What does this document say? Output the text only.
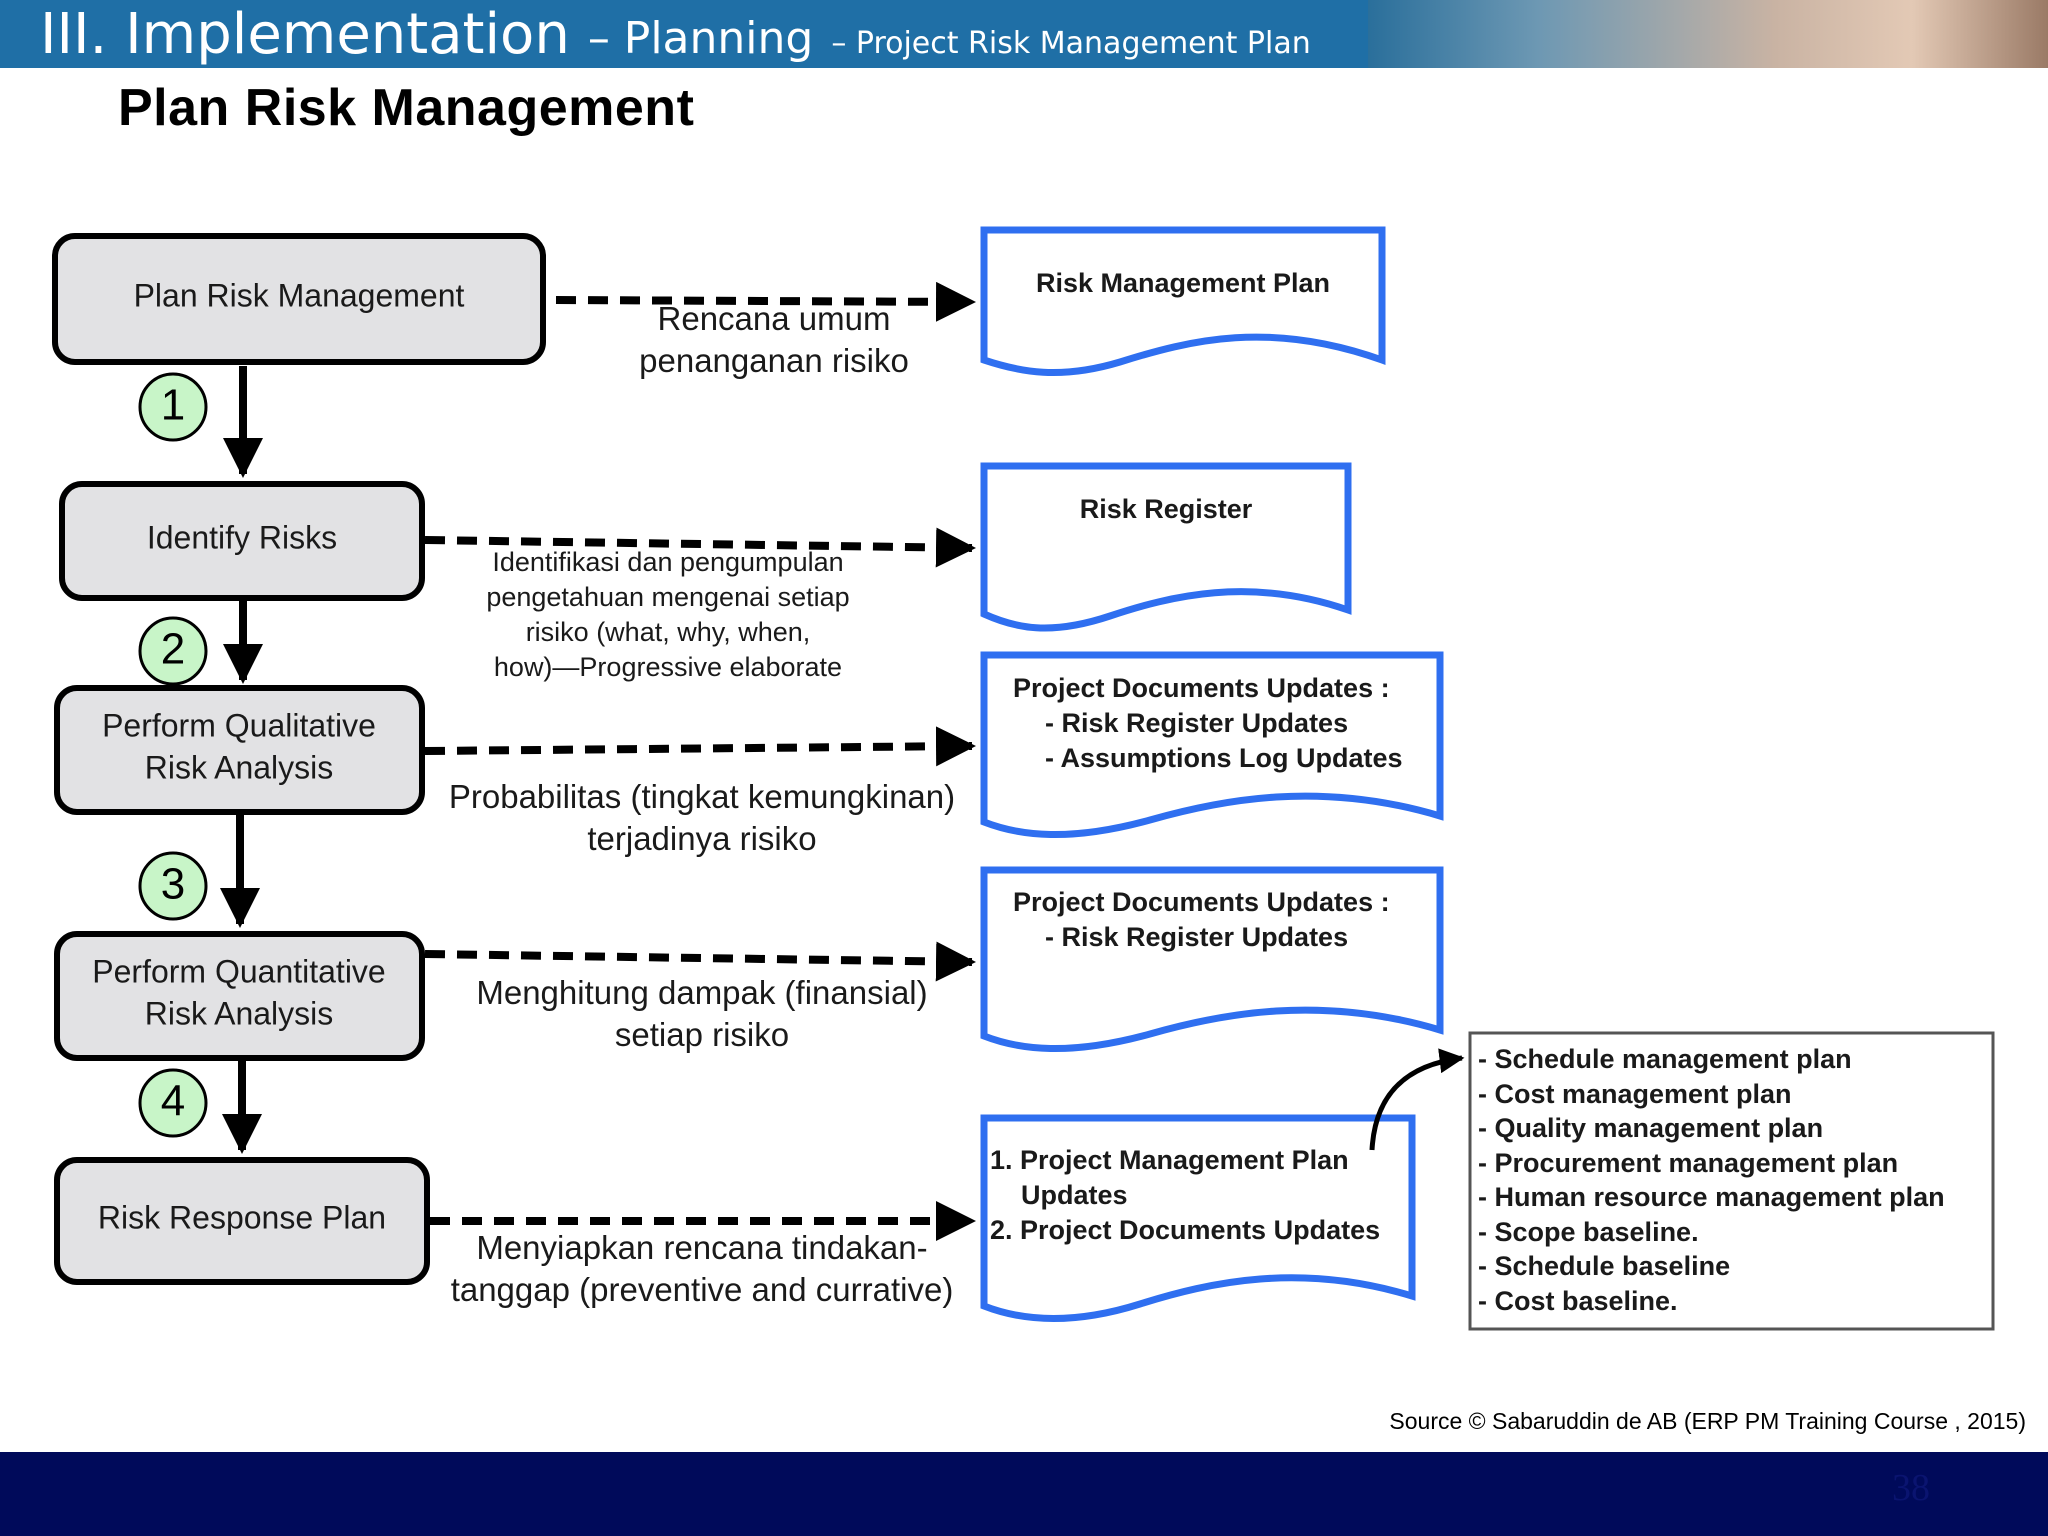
III. Implementation – Planning – Project Risk Management Plan
Plan Risk Management
Plan Risk Management
Identify Risks
Perform Qualitative
Risk Analysis
Perform Quantitative
Risk Analysis
Risk Response Plan
1
2
3
4
Rencana umum
penanganan risiko
Identifikasi dan pengumpulan
pengetahuan mengenai setiap
risiko (what, why, when,
how)—Progressive elaborate
Probabilitas (tingkat kemungkinan)
terjadinya risiko
Menghitung dampak (finansial)
setiap risiko
Menyiapkan rencana tindakan-
tanggap (preventive and currative)
Risk Management Plan
Risk Register
Project Documents Updates :
- Risk Register Updates
- Assumptions Log Updates
Project Documents Updates :
- Risk Register Updates
1. Project Management Plan
Updates
2. Project Documents Updates
- Schedule management plan
- Cost management plan
- Quality management plan
- Procurement management plan
- Human resource management plan
- Scope baseline.
- Schedule baseline
- Cost baseline.
Source © Sabaruddin de AB (ERP PM Training Course , 2015)
38
